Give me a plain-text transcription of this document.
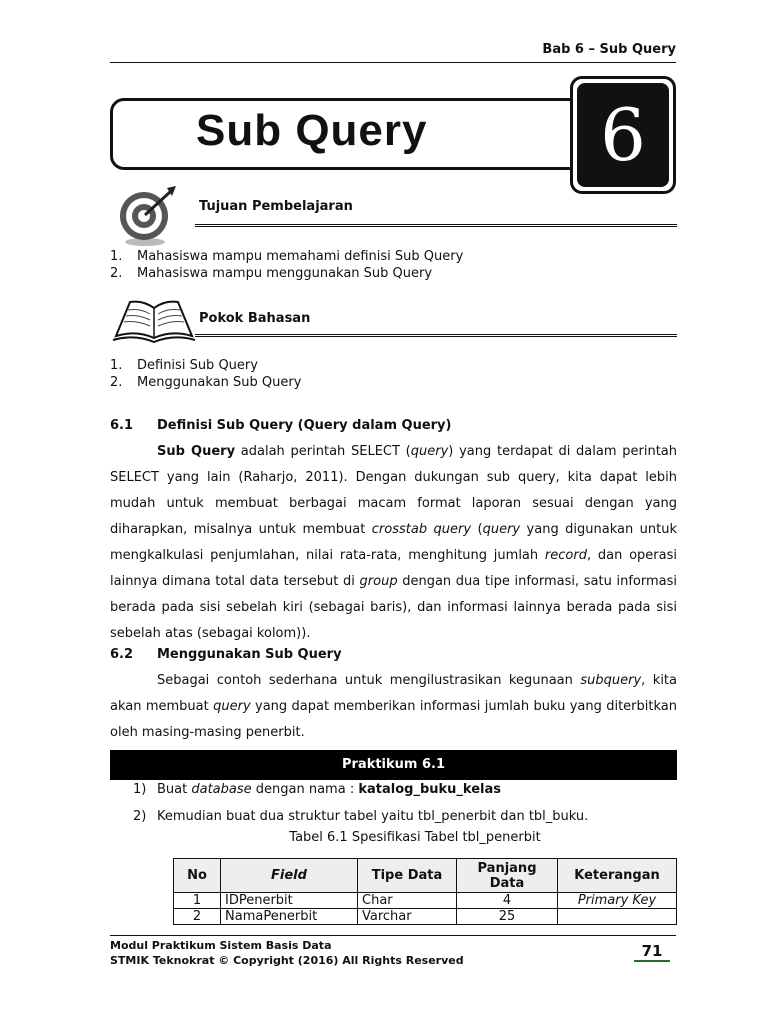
Bab 6 – Sub Query
Sub Query	6
Tujuan Pembelajaran
1.	Mahasiswa mampu memahami definisi Sub Query
2.	Mahasiswa mampu menggunakan Sub Query
Pokok Bahasan
1.	Definisi Sub Query
2.	Menggunakan Sub Query
6.1	Definisi Sub Query (Query dalam Query)
Sub Query adalah perintah SELECT (query) yang terdapat di dalam perintah SELECT yang lain (Raharjo, 2011). Dengan dukungan sub query, kita dapat lebih mudah untuk membuat berbagai macam format laporan sesuai dengan yang diharapkan, misalnya untuk membuat crosstab query (query yang digunakan untuk mengkalkulasi penjumlahan, nilai rata-rata, menghitung jumlah record, dan operasi lainnya dimana total data tersebut di group dengan dua tipe informasi, satu informasi berada pada sisi sebelah kiri (sebagai baris), dan informasi lainnya berada pada sisi sebelah atas (sebagai kolom)).
6.2	Menggunakan Sub Query
Sebagai contoh sederhana untuk mengilustrasikan kegunaan subquery, kita akan membuat query yang dapat memberikan informasi jumlah buku yang diterbitkan oleh masing-masing penerbit.
Praktikum 6.1
1) Buat database dengan nama : katalog_buku_kelas
2) Kemudian buat dua struktur tabel yaitu tbl_penerbit dan tbl_buku.
Tabel 6.1 Spesifikasi Tabel tbl_penerbit
No	Field	Tipe Data	Panjang Data	Keterangan
1	IDPenerbit	Char	4	Primary Key
2	NamaPenerbit	Varchar	25	
Modul Praktikum Sistem Basis Data
STMIK Teknokrat © Copyright (2016) All Rights Reserved
71
